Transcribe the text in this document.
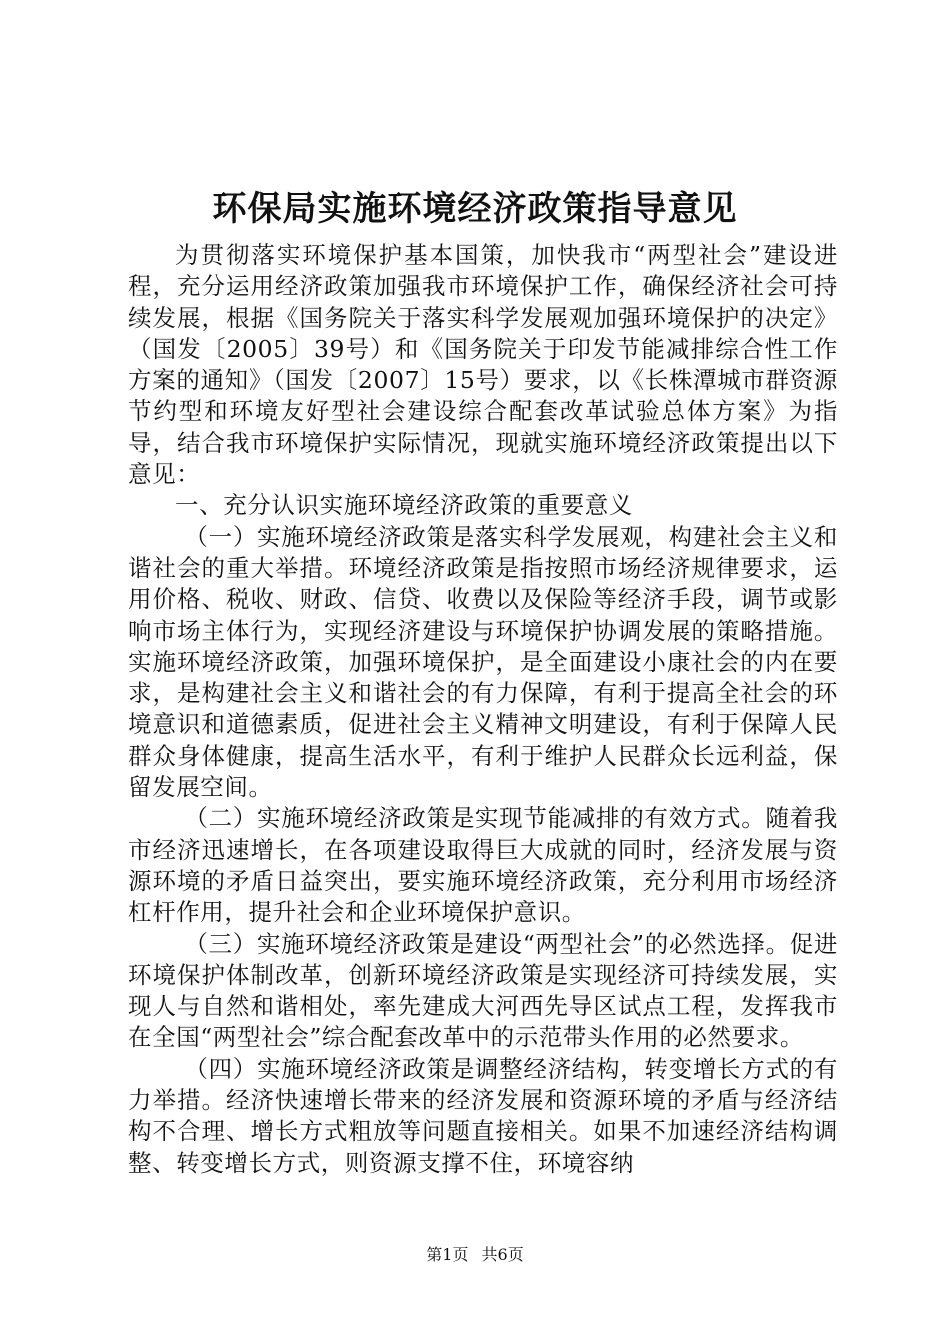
环保局实施环境经济政策指导意见

为贯彻落实环境保护基本国策，加快我市“两型社会”建设进程，充分运用经济政策加强我市环境保护工作，确保经济社会可持续发展，根据《国务院关于落实科学发展观加强环境保护的决定》（国发〔2005〕39号）和《国务院关于印发节能减排综合性工作方案的通知》（国发〔2007〕15号）要求，以《长株潭城市群资源节约型和环境友好型社会建设综合配套改革试验总体方案》为指导，结合我市环境保护实际情况，现就实施环境经济政策提出以下意见：

一、充分认识实施环境经济政策的重要意义

（一）实施环境经济政策是落实科学发展观，构建社会主义和谐社会的重大举措。环境经济政策是指按照市场经济规律要求，运用价格、税收、财政、信贷、收费以及保险等经济手段，调节或影响市场主体行为，实现经济建设与环境保护协调发展的策略措施。实施环境经济政策，加强环境保护，是全面建设小康社会的内在要求，是构建社会主义和谐社会的有力保障，有利于提高全社会的环境意识和道德素质，促进社会主义精神文明建设，有利于保障人民群众身体健康，提高生活水平，有利于维护人民群众长远利益，保留发展空间。

（二）实施环境经济政策是实现节能减排的有效方式。随着我市经济迅速增长，在各项建设取得巨大成就的同时，经济发展与资源环境的矛盾日益突出，要实施环境经济政策，充分利用市场经济杠杆作用，提升社会和企业环境保护意识。

（三）实施环境经济政策是建设“两型社会”的必然选择。促进环境保护体制改革，创新环境经济政策是实现经济可持续发展，实现人与自然和谐相处，率先建成大河西先导区试点工程，发挥我市在全国“两型社会”综合配套改革中的示范带头作用的必然要求。

（四）实施环境经济政策是调整经济结构，转变增长方式的有力举措。经济快速增长带来的经济发展和资源环境的矛盾与经济结构不合理、增长方式粗放等问题直接相关。如果不加速经济结构调整、转变增长方式，则资源支撑不住，环境容纳

第1页 共6页
